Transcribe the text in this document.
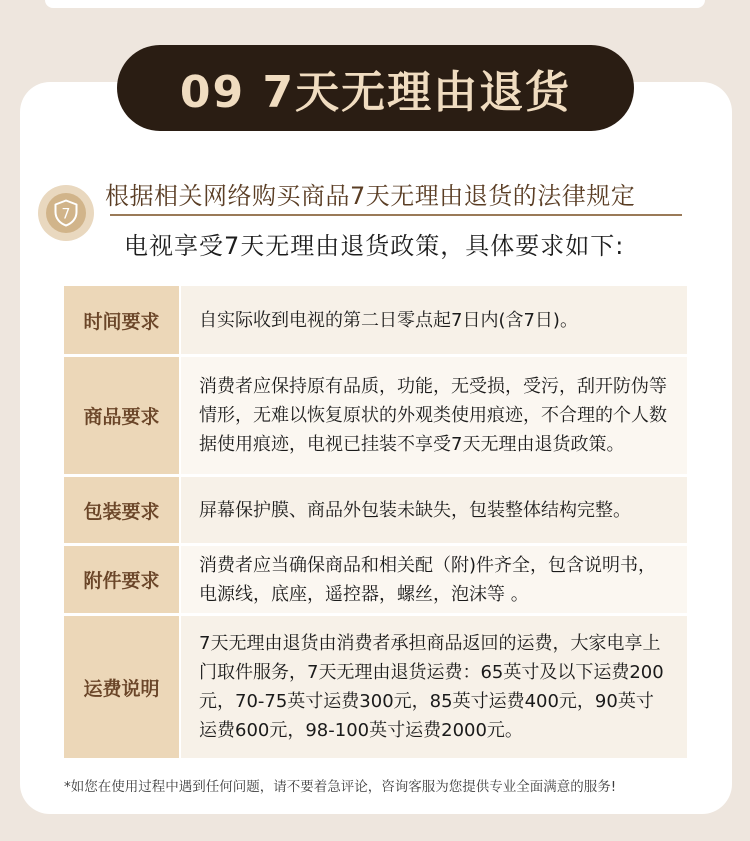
09 7天无理由退货
7
根据相关网络购买商品7天无理由退货的法律规定
电视享受7天无理由退货政策，具体要求如下:
时间要求	自实际收到电视的第二日零点起7日内(含7日)。
商品要求
消费者应保持原有品质，功能，无受损，受污，刮开防伪等情形，无难以恢复原状的外观类使用痕迹，不合理的个人数据使用痕迹，电视已挂装不享受7天无理由退货政策。
包装要求	屏幕保护膜、商品外包装未缺失，包装整体结构完整。
附件要求
消费者应当确保商品和相关配（附)件齐全，包含说明书，电源线，底座，遥控器，螺丝，泡沫等 。
运费说明
7天无理由退货由消费者承担商品返回的运费，大家电享上门取件服务，7天无理由退货运费：65英寸及以下运费200元，70-75英寸运费300元，85英寸运费400元，90英寸运费600元，98-100英寸运费2000元。
*如您在使用过程中遇到任何问题，请不要着急评论，咨询客服为您提供专业全面满意的服务!
